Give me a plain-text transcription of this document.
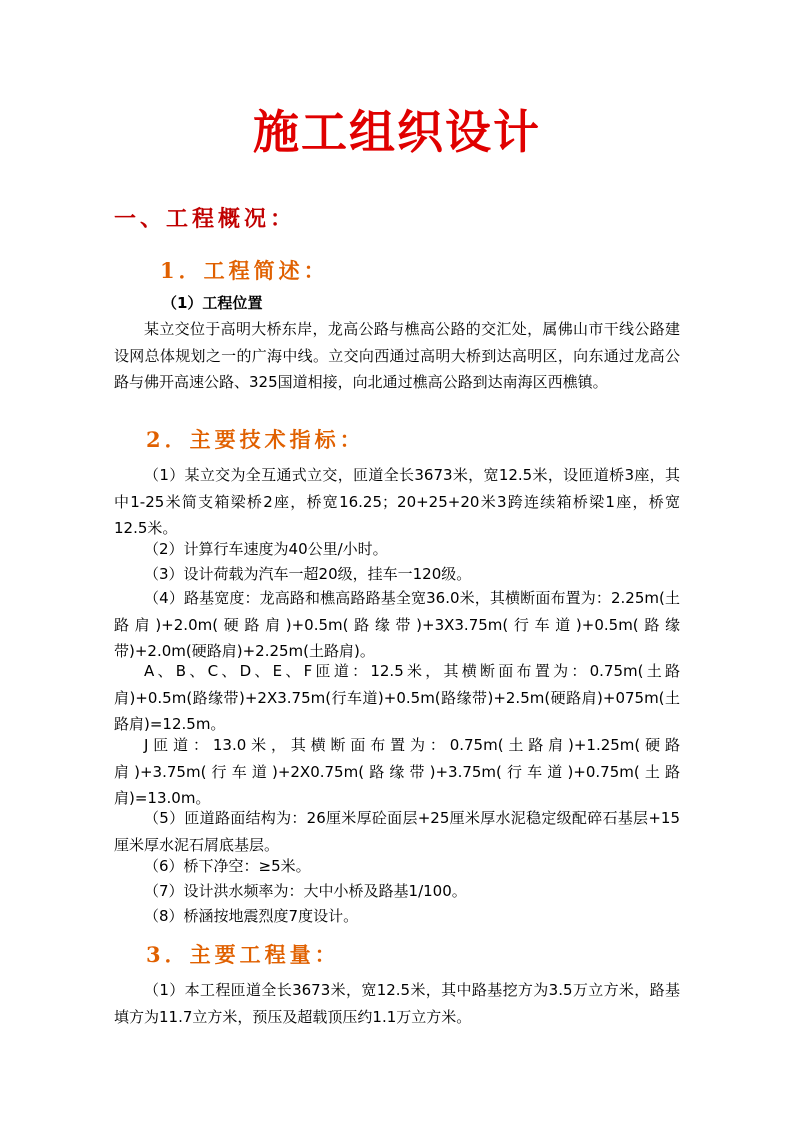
施工组织设计
一、工程概况：
1．工程简述：
（1）工程位置
某立交位于高明大桥东岸，龙高公路与樵高公路的交汇处，属佛山市干线公路建设网总体规划之一的广海中线。立交向西通过高明大桥到达高明区，向东通过龙高公路与佛开高速公路、325国道相接，向北通过樵高公路到达南海区西樵镇。
2．主要技术指标：
（1）某立交为全互通式立交，匝道全长3673米，宽12.5米，设匝道桥3座，其中1-25米简支箱梁桥2座，桥宽16.25；20+25+20米3跨连续箱桥梁1座，桥宽12.5米。
（2）计算行车速度为40公里/小时。
（3）设计荷载为汽车一超20级，挂车一120级。
（4）路基宽度：龙高路和樵高路路基全宽36.0米，其横断面布置为：2.25m(土路肩)+2.0m(硬路肩)+0.5m(路缘带)+3X3.75m(行车道)+0.5m(路缘带)+2.0m(硬路肩)+2.25m(土路肩)。
A、B、C、D、E、F匝道：12.5米，其横断面布置为：0.75m(土路肩)+0.5m(路缘带)+2X3.75m(行车道)+0.5m(路缘带)+2.5m(硬路肩)+075m(土路肩)=12.5m。
J匝道：13.0米，其横断面布置为：0.75m(土路肩)+1.25m(硬路肩)+3.75m(行车道)+2X0.75m(路缘带)+3.75m(行车道)+0.75m(土路肩)=13.0m。
（5）匝道路面结构为：26厘米厚砼面层+25厘米厚水泥稳定级配碎石基层+15厘米厚水泥石屑底基层。
（6）桥下净空：≥5米。
（7）设计洪水频率为：大中小桥及路基1/100。
（8）桥涵按地震烈度7度设计。
3．主要工程量：
（1）本工程匝道全长3673米，宽12.5米，其中路基挖方为3.5万立方米，路基填方为11.7立方米，预压及超载顶压约1.1万立方米。
